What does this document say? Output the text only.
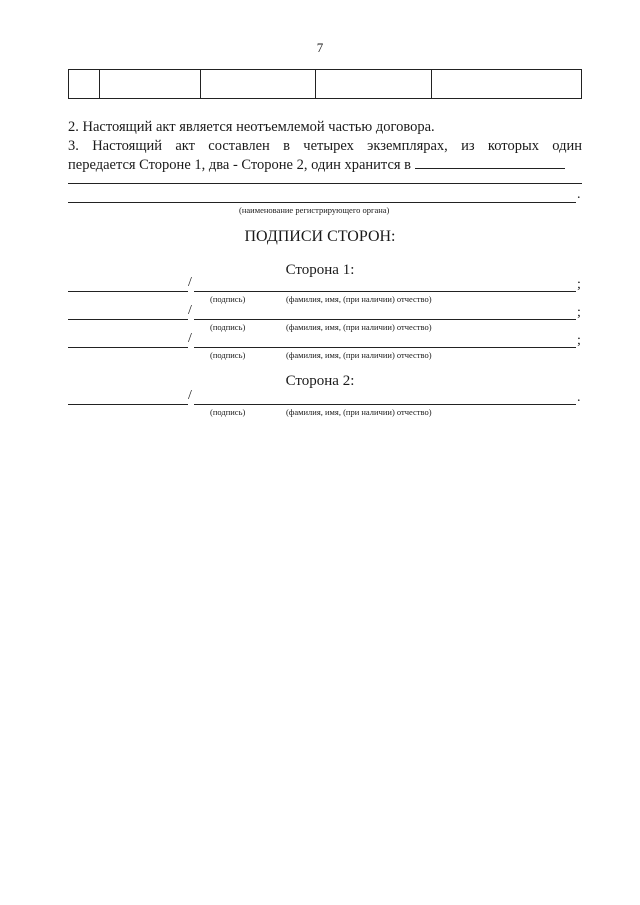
7
2. Настоящий акт является неотъемлемой частью договора.
3. Настоящий акт составлен в четырех экземплярах, из которых один
передается Стороне 1, два - Стороне 2, один хранится в
.
(наименование регистрирующего органа)
ПОДПИСИ СТОРОН:
Сторона 1:
/	;
(подпись)	(фамилия, имя, (при наличии) отчество)
/	;
(подпись)	(фамилия, имя, (при наличии) отчество)
/	;
(подпись)	(фамилия, имя, (при наличии) отчество)
Сторона 2:
/	.
(подпись)	(фамилия, имя, (при наличии) отчество)
